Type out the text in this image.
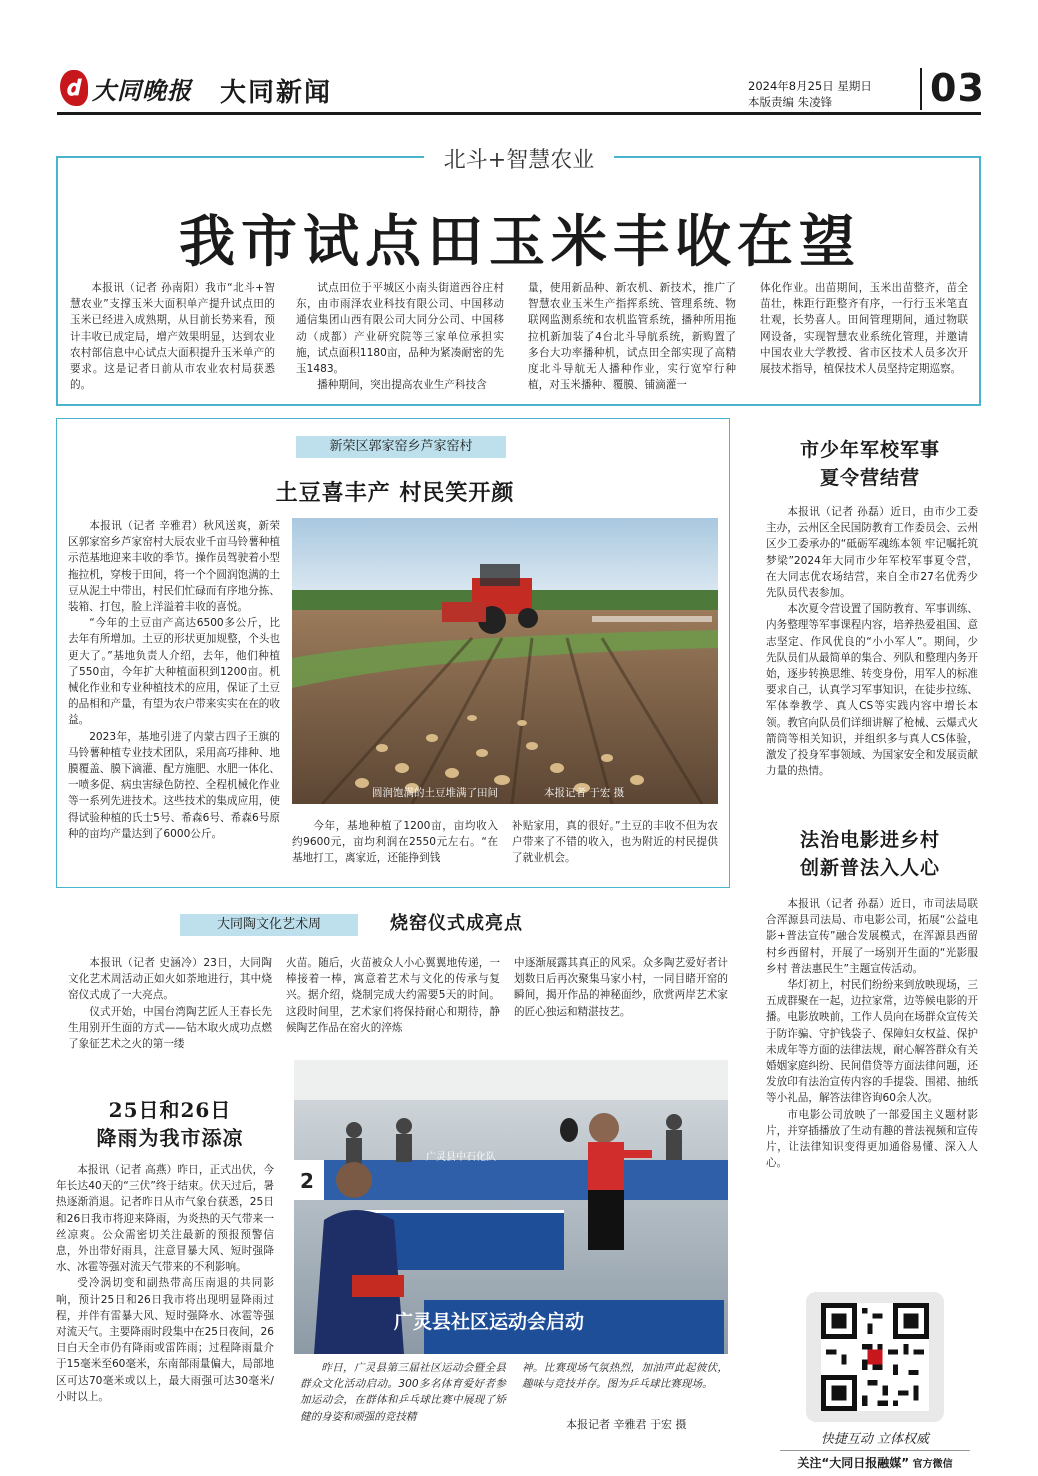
𝒅 大同晚报 大同新闻	2024年8月25日 星期日
本版责编 朱凌锋	03
北斗+智慧农业
我市试点田玉米丰收在望

本报讯（记者 孙南阳）我市“北斗+智慧农业”支撑玉米大面积单产提升试点田的玉米已经进入成熟期，从目前长势来看，预计丰收已成定局，增产效果明显，达到农业农村部信息中心试点大面积提升玉米单产的要求。这是记者日前从市农业农村局获悉的。

试点田位于平城区小南头街道西谷庄村东，由市雨泽农业科技有限公司、中国移动通信集团山西有限公司大同分公司、中国移动（成都）产业研究院等三家单位承担实施，试点面积1180亩，品种为紧凑耐密的先玉1483。

播种期间，突出提高农业生产科技含

量，使用新品种、新农机、新技术，推广了智慧农业玉米生产指挥系统、管理系统、物联网监测系统和农机监管系统，播种所用拖拉机新加装了4台北斗导航系统，新购置了多台大功率播种机，试点田全部实现了高精度北斗导航无人播种作业，实行宽窄行种植，对玉米播种、覆膜、铺滴灌一

体化作业。出苗期间，玉米出苗整齐，苗全苗壮，株距行距整齐有序，一行行玉米笔直壮观，长势喜人。田间管理期间，通过物联网设备，实现智慧农业系统化管理，并邀请中国农业大学教授、省市区技术人员多次开展技术指导，植保技术人员坚持定期巡察。

新荣区郭家窑乡芦家窑村
土豆喜丰产 村民笑开颜

本报讯（记者 辛雅君）秋风送爽，新荣区郭家窑乡芦家窑村大辰农业千亩马铃薯种植示范基地迎来丰收的季节。操作员驾驶着小型拖拉机，穿梭于田间，将一个个圆润饱满的土豆从泥土中带出，村民们忙碌而有序地分拣、装箱、打包，脸上洋溢着丰收的喜悦。

“今年的土豆亩产高达6500多公斤，比去年有所增加。土豆的形状更加规整，个头也更大了。”基地负责人介绍，去年，他们种植了550亩，今年扩大种植面积到1200亩。机械化作业和专业种植技术的应用，保证了土豆的品相和产量，有望为农户带来实实在在的收益。

2023年，基地引进了内蒙古四子王旗的马铃薯种植专业技术团队，采用高巧排种、地膜覆盖、膜下滴灌、配方施肥、水肥一体化、一喷多促、病虫害绿色防控、全程机械化作业等一系列先进技术。这些技术的集成应用，使得试验种植的氏士5号、希森6号、希森6号原种的亩均产量达到了6000公斤。

圆润饱满的土豆堆满了田间	本报记者 于宏 摄

今年，基地种植了1200亩，亩均收入约9600元，亩均利润在2550元左右。“在基地打工，离家近，还能挣到钱

补贴家用，真的很好。”土豆的丰收不但为农户带来了不错的收入，也为附近的村民提供了就业机会。

市少年军校军事
夏令营结营

本报讯（记者 孙磊）近日，由市少工委主办，云州区全民国防教育工作委员会、云州区少工委承办的“砥砺军魂练本领 牢记嘱托筑梦梁”2024年大同市少年军校军事夏令营，在大同志优农场结营，来自全市27名优秀少先队员代表参加。

本次夏令营设置了国防教育、军事训练、内务整理等军事课程内容，培养热爱祖国、意志坚定、作风优良的“小小军人”。期间，少先队员们从最简单的集合、列队和整理内务开始，逐步转换思维、转变身份，用军人的标准要求自己，认真学习军事知识，在徒步拉练、军体拳教学、真人CS等实践内容中增长本领。教官向队员们详细讲解了枪械、云爆式火箭筒等相关知识，并组织多与真人CS体验，激发了投身军事领域、为国家安全和发展贡献力量的热情。

法治电影进乡村
创新普法入人心

本报讯（记者 孙磊）近日，市司法局联合浑源县司法局、市电影公司，拓展“公益电影+普法宣传”融合发展模式，在浑源县西留村乡西留村，开展了一场别开生面的“光影服乡村 普法惠民生”主题宣传活动。

华灯初上，村民们纷纷来到放映现场，三五成群聚在一起，边拉家常，边等候电影的开播。电影放映前，工作人员向在场群众宣传关于防诈骗、守护钱袋子、保障妇女权益、保护未成年等方面的法律法规，耐心解答群众有关婚姻家庭纠纷、民间借贷等方面法律问题，还发放印有法治宣传内容的手提袋、围裙、抽纸等小礼品，解答法律咨询60余人次。

市电影公司放映了一部爱国主义题材影片，并穿插播放了生动有趣的普法视频和宣传片，让法律知识变得更加通俗易懂、深入人心。

大同陶文化艺术周	烧窑仪式成亮点

本报讯（记者 史涵冷）23日，大同陶文化艺术周活动正如火如荼地进行，其中烧窑仪式成了一大亮点。

仪式开始，中国台湾陶艺匠人王春长先生用别开生面的方式——钻木取火成功点燃了象征艺术之火的第一缕

火苗。随后，火苗被众人小心翼翼地传递，一棒接着一棒，寓意着艺术与文化的传承与复兴。据介绍，烧制完成大约需要5天的时间。这段时间里，艺术家们将保持耐心和期待，静候陶艺作品在窑火的淬炼

中逐渐展露其真正的风采。众多陶艺爱好者计划数日后再次聚集马家小村，一同目睹开窑的瞬间，揭开作品的神秘面纱，欣赏两岸艺术家的匠心独运和精湛技艺。

25日和26日
降雨为我市添凉

本报讯（记者 高燕）昨日，正式出伏，今年长达40天的“三伏”终于结束。伏天过后，暑热逐渐消退。记者昨日从市气象台获悉，25日和26日我市将迎来降雨，为炎热的天气带来一丝凉爽。公众需密切关注最新的预报预警信息，外出带好雨具，注意冒暴大风、短时强降水、冰雹等强对流天气带来的不利影响。

受冷涡切变和副热带高压南退的共同影响，预计25日和26日我市将出现明显降雨过程，并伴有雷暴大风、短时强降水、冰雹等强对流天气。主要降雨时段集中在25日夜间，26日白天全市仍有降雨或雷阵雨；过程降雨量介于15毫米至60毫米，东南部雨量偏大，局部地区可达70毫米或以上，最大雨强可达30毫米/小时以上。

2
广灵县中石化队
广灵县社区运动会启动

昨日，广灵县第三届社区运动会暨全县群众文化活动启动。300多名体育爱好者参加运动会，在群体和乒乓球比赛中展现了矫健的身姿和顽强的竞技精

神。比赛现场气氛热烈，加油声此起彼伏，趣味与竞技并存。图为乒乓球比赛现场。

本报记者 辛雅君 于宏 摄
快捷互动 立体权威
关注“大同日报融媒” 官方微信
